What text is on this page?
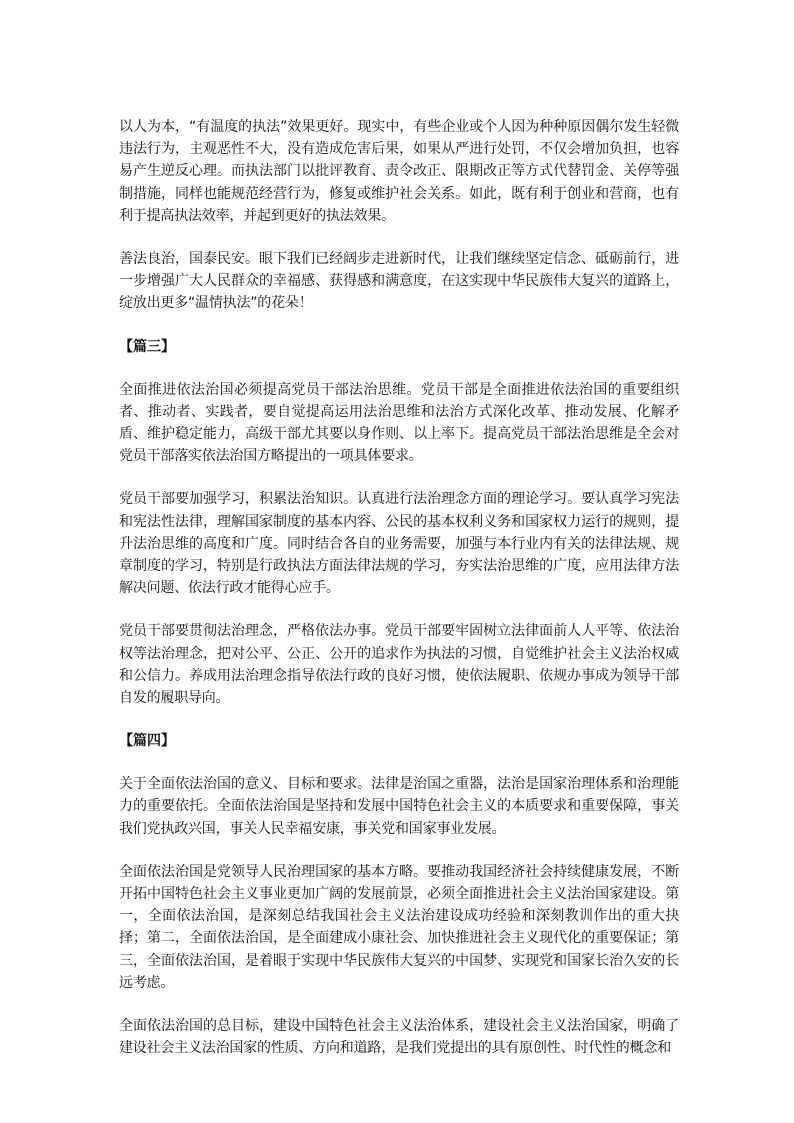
以人为本，“有温度的执法”效果更好。现实中，有些企业或个人因为种种原因偶尔发生轻微违法行为，主观恶性不大，没有造成危害后果，如果从严进行处罚，不仅会增加负担，也容易产生逆反心理。而执法部门以批评教育、责令改正、限期改正等方式代替罚金、关停等强制措施，同样也能规范经营行为，修复或维护社会关系。如此，既有利于创业和营商，也有利于提高执法效率，并起到更好的执法效果。

善法良治，国泰民安。眼下我们已经阔步走进新时代，让我们继续坚定信念、砥砺前行，进一步增强广大人民群众的幸福感、获得感和满意度，在这实现中华民族伟大复兴的道路上，绽放出更多“温情执法”的花朵！

【篇三】

全面推进依法治国必须提高党员干部法治思维。党员干部是全面推进依法治国的重要组织者、推动者、实践者，要自觉提高运用法治思维和法治方式深化改革、推动发展、化解矛盾、维护稳定能力，高级干部尤其要以身作则、以上率下。提高党员干部法治思维是全会对党员干部落实依法治国方略提出的一项具体要求。

党员干部要加强学习，积累法治知识。认真进行法治理念方面的理论学习。要认真学习宪法和宪法性法律，理解国家制度的基本内容、公民的基本权利义务和国家权力运行的规则，提升法治思维的高度和广度。同时结合各自的业务需要，加强与本行业内有关的法律法规、规章制度的学习，特别是行政执法方面法律法规的学习，夯实法治思维的广度，应用法律方法解决问题、依法行政才能得心应手。

党员干部要贯彻法治理念，严格依法办事。党员干部要牢固树立法律面前人人平等、依法治权等法治理念，把对公平、公正、公开的追求作为执法的习惯，自觉维护社会主义法治权威和公信力。养成用法治理念指导依法行政的良好习惯，使依法履职、依规办事成为领导干部自发的履职导向。

【篇四】

关于全面依法治国的意义、目标和要求。法律是治国之重器，法治是国家治理体系和治理能力的重要依托。全面依法治国是坚持和发展中国特色社会主义的本质要求和重要保障，事关我们党执政兴国，事关人民幸福安康，事关党和国家事业发展。

全面依法治国是党领导人民治理国家的基本方略。要推动我国经济社会持续健康发展，不断开拓中国特色社会主义事业更加广阔的发展前景，必须全面推进社会主义法治国家建设。第一，全面依法治国，是深刻总结我国社会主义法治建设成功经验和深刻教训作出的重大抉择；第二，全面依法治国，是全面建成小康社会、加快推进社会主义现代化的重要保证；第三，全面依法治国，是着眼于实现中华民族伟大复兴的中国梦、实现党和国家长治久安的长远考虑。

全面依法治国的总目标，建设中国特色社会主义法治体系，建设社会主义法治国家，明确了建设社会主义法治国家的性质、方向和道路，是我们党提出的具有原创性、时代性的概念和
